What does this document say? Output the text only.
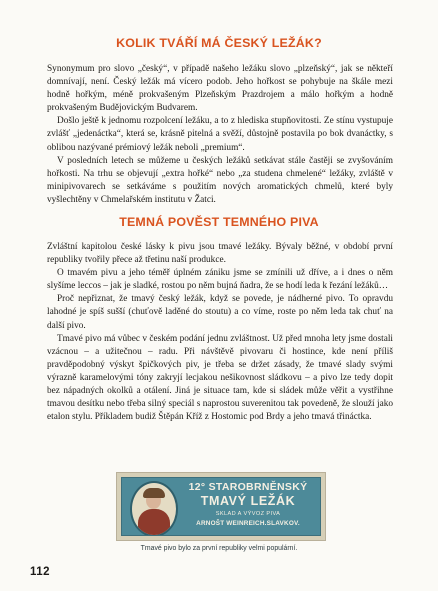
KOLIK TVÁŘÍ MÁ ČESKÝ LEŽÁK?

Synonymum pro slovo „český“, v případě našeho ležáku slovo „plzeňský“, jak se někteří domnívají, není. Český ležák má vícero podob. Jeho hořkost se pohybuje na škále mezi hodně hořkým, méně prokvašeným Plzeňským Prazdrojem a málo hořkým a hodně prokvašeným Budějovickým Budvarem.

Došlo ještě k jednomu rozpolcení ležáku, a to z hlediska stupňovitosti. Ze stínu vystupuje zvlášť „jedenáctka“, která se, krásně pitelná a svěží, důstojně postavila po bok dvanáctky, s oblibou nazývané prémiový ležák neboli „premium“.

V posledních letech se můžeme u českých ležáků setkávat stále častěji se zvyšováním hořkosti. Na trhu se objevují „extra hořké“ nebo „za studena chmelené“ ležáky, zvláště v minipivovarech se setkáváme s použitím nových aromatických chmelů, které byly vyšlechtěny v Chmelařském institutu v Žatci.

TEMNÁ POVĚST TEMNÉHO PIVA

Zvláštní kapitolou české lásky k pivu jsou tmavé ležáky. Bývaly běžné, v období první republiky tvořily přece až třetinu naší produkce.

O tmavém pivu a jeho téměř úplném zániku jsme se zmínili už dříve, a i dnes o něm slyšíme leccos – jak je sladké, rostou po něm bujná ňadra, že se hodí leda k řezání ležáků…

Proč nepřiznat, že tmavý český ležák, když se povede, je nádherné pivo. To opravdu lahodné je spíš sušší (chuťově laděné do stoutu) a co víme, roste po něm leda tak chuť na další pivo.

Tmavé pivo má vůbec v českém podání jednu zvláštnost. Už před mnoha lety jsme dostali vzácnou – a užitečnou – radu. Při návštěvě pivovaru či hostince, kde není příliš pravděpodobný výskyt špičkových piv, je třeba se držet zásady, že tmavé slady svými výrazně karamelovými tóny zakryjí lecjakou nešikovnost sládkovu – a pivo lze tedy dopit bez nápadných okolků a otálení. Jiná je situace tam, kde si sládek může věřit a vystřihne tmavou desítku nebo třeba silný speciál s naprostou suverenitou tak povedeně, že slouží jako etalon stylu. Příkladem budiž Štěpán Kříž z Hostomic pod Brdy a jeho tmavá třináctka.

12° STAROBRNĚNSKÝ
TMAVÝ LEŽÁK
SKLAD A VÝVOZ PIVA
ARNOŠT WEINREICH.SLAVKOV.
Tmavé pivo bylo za první republiky velmi populární.
112
